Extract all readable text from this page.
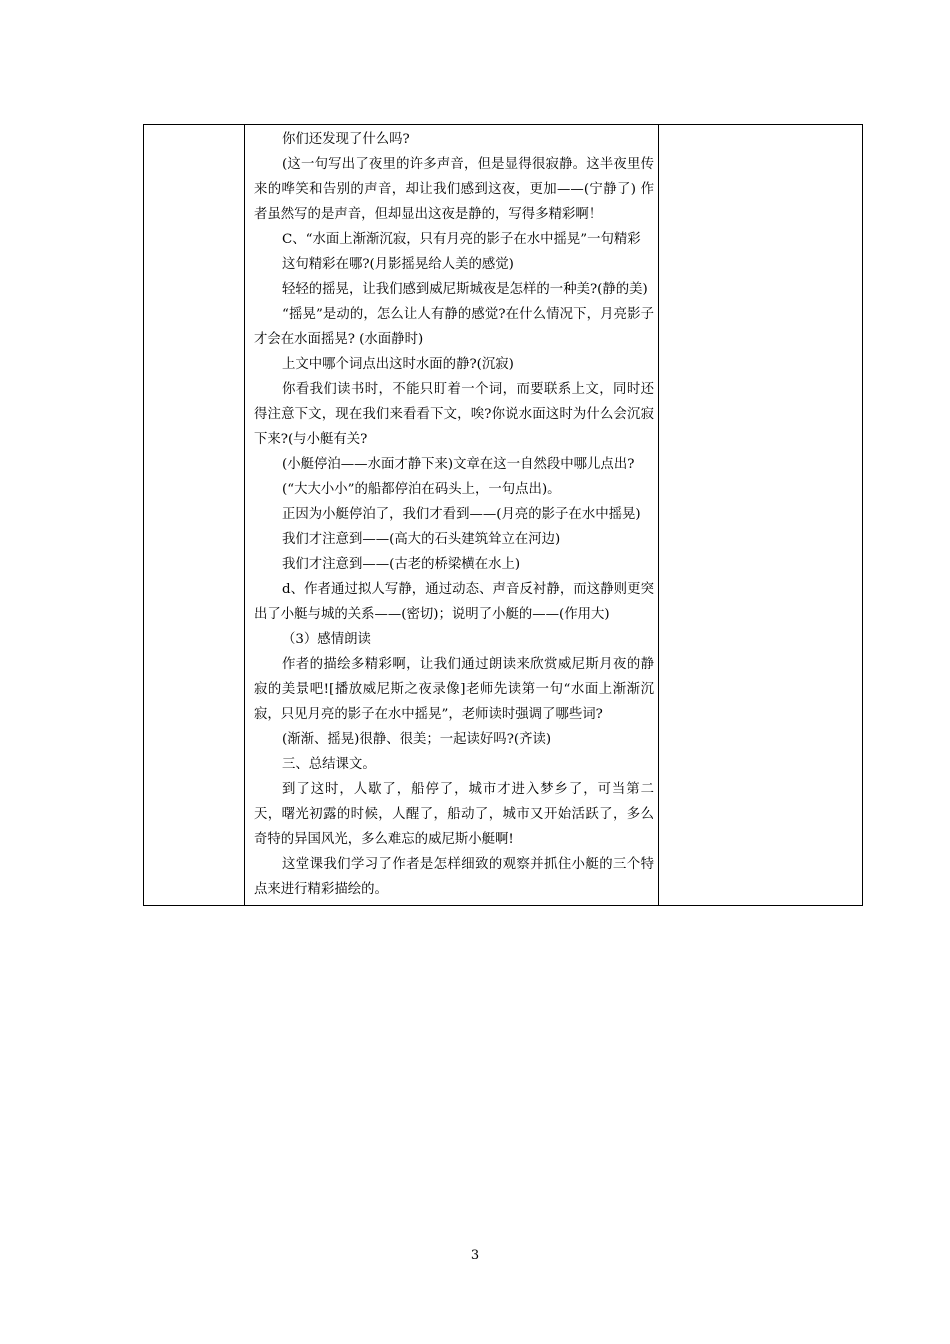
你们还发现了什么吗?

(这一句写出了夜里的许多声音，但是显得很寂静。这半夜里传来的哗笑和告别的声音，却让我们感到这夜，更加——(宁静了) 作者虽然写的是声音，但却显出这夜是静的，写得多精彩啊！

C、“水面上渐渐沉寂，只有月亮的影子在水中摇晃”一句精彩

这句精彩在哪?(月影摇晃给人美的感觉)

轻轻的摇晃，让我们感到威尼斯城夜是怎样的一种美?(静的美)

“摇晃”是动的，怎么让人有静的感觉?在什么情况下，月亮影子才会在水面摇晃? (水面静时)

上文中哪个词点出这时水面的静?(沉寂)

你看我们读书时，不能只盯着一个词，而要联系上文，同时还得注意下文，现在我们来看看下文，唉?你说水面这时为什么会沉寂下来?(与小艇有关?

(小艇停泊——水面才静下来)文章在这一自然段中哪儿点出?

(“大大小小”的船都停泊在码头上，一句点出)。

正因为小艇停泊了，我们才看到——(月亮的影子在水中摇晃)

我们才注意到——(高大的石头建筑耸立在河边)

我们才注意到——(古老的桥梁横在水上)

d、作者通过拟人写静，通过动态、声音反衬静，而这静则更突出了小艇与城的关系——(密切)；说明了小艇的——(作用大)

（3）感情朗读

作者的描绘多精彩啊，让我们通过朗读来欣赏威尼斯月夜的静寂的美景吧![播放威尼斯之夜录像]老师先读第一句“水面上渐渐沉寂，只见月亮的影子在水中摇晃”，老师读时强调了哪些词?

(渐渐、摇晃)很静、很美；一起读好吗?(齐读)

三、总结课文。

到了这时，人歇了，船停了，城市才进入梦乡了，可当第二天，曙光初露的时候，人醒了，船动了，城市又开始活跃了，多么奇特的异国风光，多么难忘的威尼斯小艇啊!

这堂课我们学习了作者是怎样细致的观察并抓住小艇的三个特点来进行精彩描绘的。

3
